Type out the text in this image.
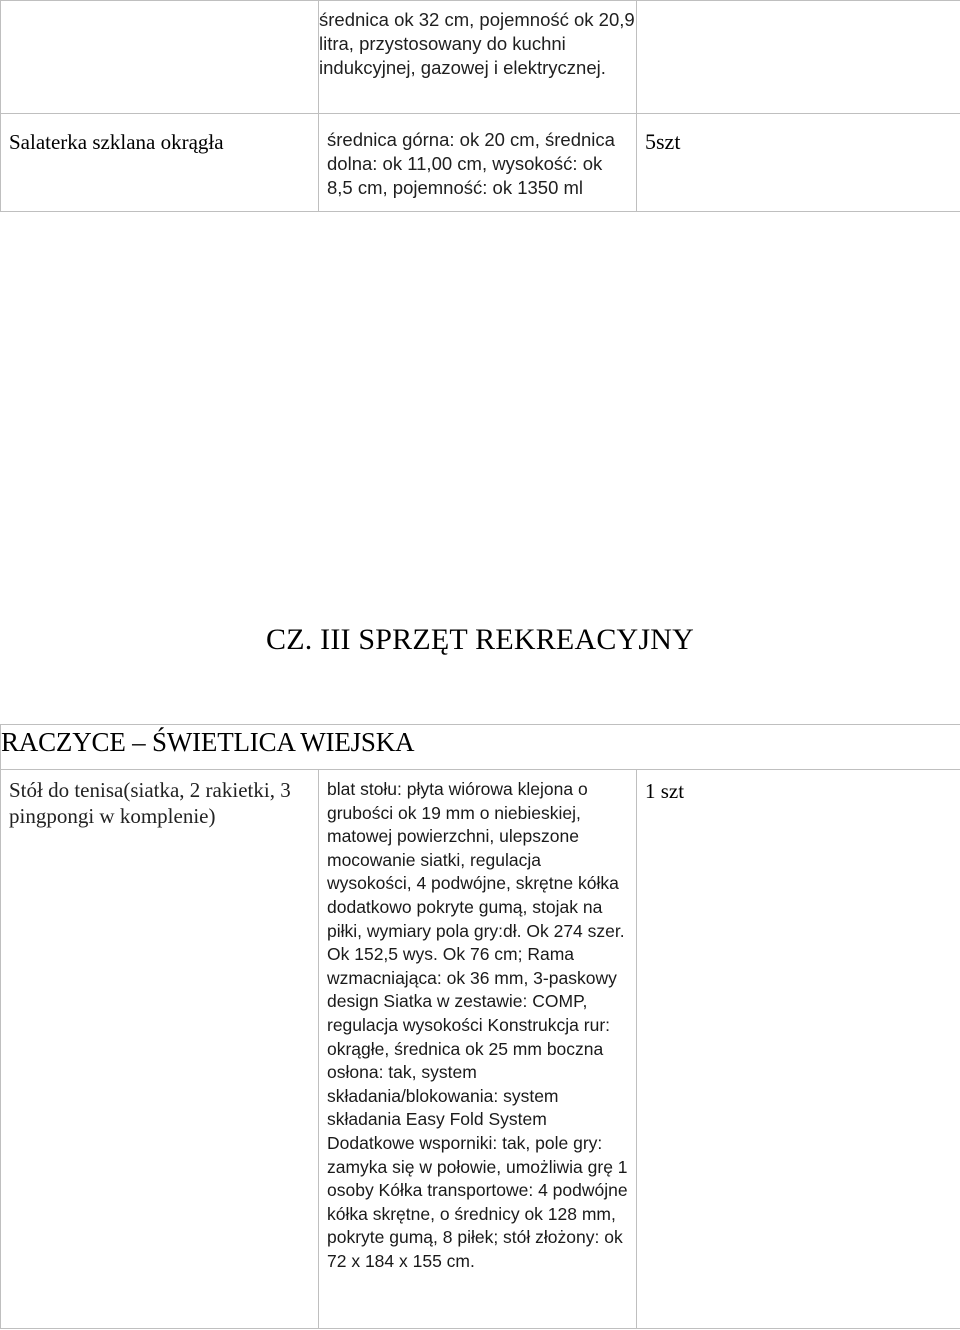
	średnica ok 32 cm, pojemność ok 20,9 litra, przystosowany do kuchni indukcyjnej, gazowej i elektrycznej.	
Salaterka szklana okrągła	średnica górna: ok 20 cm, średnica dolna: ok 11,00 cm, wysokość: ok 8,5 cm, pojemność: ok 1350 ml	5szt
CZ. III SPRZĘT REKREACYJNY
RACZYCE – ŚWIETLICA WIEJSKA
Stół do tenisa(siatka, 2 rakietki, 3 pingpongi w komplenie)	blat stołu: płyta wiórowa klejona o grubości ok 19 mm o niebieskiej, matowej powierzchni, ulepszone mocowanie siatki, regulacja wysokości, 4 podwójne, skrętne kółka dodatkowo pokryte gumą, stojak na piłki, wymiary pola gry:dł. Ok 274 szer. Ok 152,5 wys. Ok 76 cm; Rama wzmacniająca: ok 36 mm, 3-paskowy design Siatka w zestawie: COMP, regulacja wysokości Konstrukcja rur: okrągłe, średnica ok 25 mm boczna osłona: tak, system składania/blokowania: system składania Easy Fold System Dodatkowe wsporniki: tak, pole gry: zamyka się w połowie, umożliwia grę 1 osoby Kółka transportowe: 4 podwójne kółka skrętne, o średnicy ok 128 mm, pokryte gumą, 8 piłek; stół złożony: ok 72 x 184 x 155 cm.	1 szt
